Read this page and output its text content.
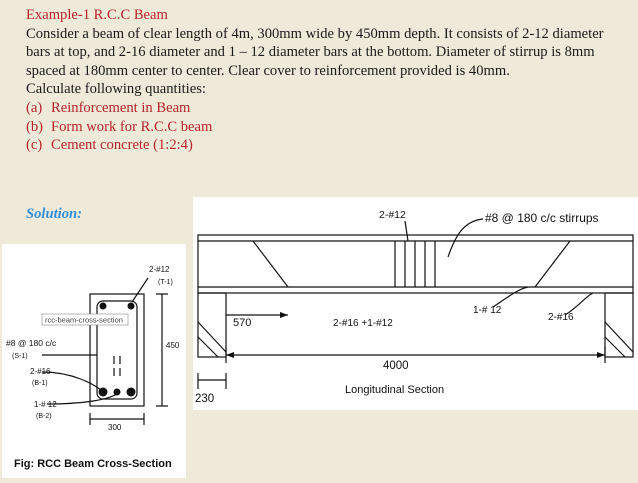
Example-1 R.C.C Beam
Consider a beam of clear length of 4m, 300mm wide by 450mm depth. It consists of 2-12 diameter bars at top, and 2-16 diameter and 1 – 12 diameter bars at the bottom. Diameter of stirrup is 8mm spaced at 180mm center to center. Clear cover to reinforcement provided is 40mm.
Calculate following quantities:
(a) Reinforcement in Beam
(b) Form work for R.C.C beam
(c) Cement concrete (1:2:4)
Solution:	2-#12	#8 @ 180 c/c stirrups
1-# 12
2-#16
570	2-#16 +1-#12
4000
230
Longitudinal Section
rcc-beam-cross-section
2-#12
(T-1)
450
#8 @ 180 c/c
(S-1)
2-#16
(B-1)
1-# 12
(B-2)
300
Fig: RCC Beam Cross-Section
